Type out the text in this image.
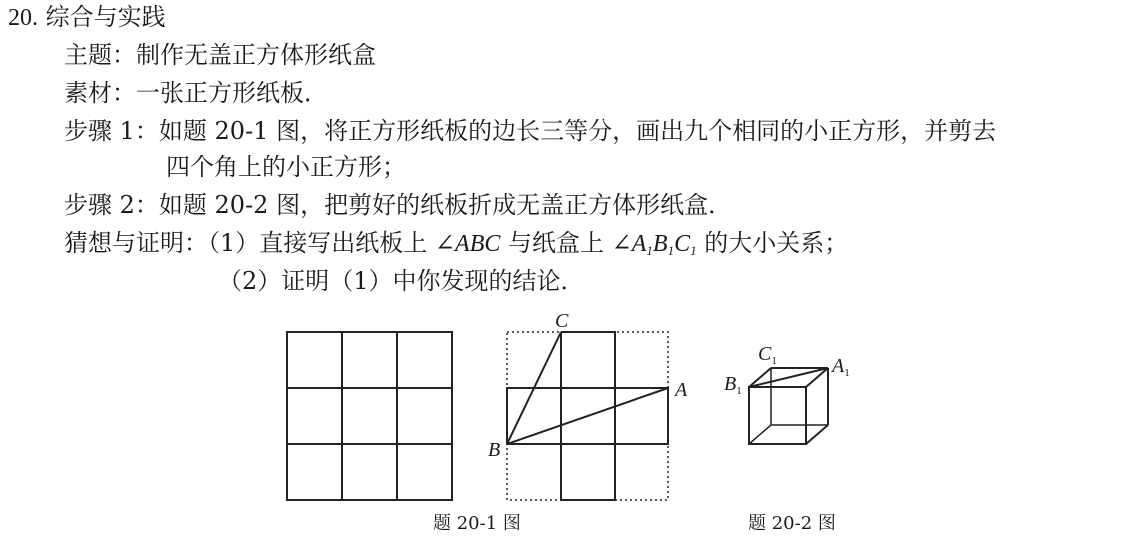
20. 综合与实践
主题：制作无盖正方体形纸盒
素材：一张正方形纸板．
步骤 1：如题 20-1 图，将正方形纸板的边长三等分，画出九个相同的小正方形，并剪去
四个角上的小正方形；
步骤 2：如题 20-2 图，把剪好的纸板折成无盖正方体形纸盒．
猜想与证明：（1）直接写出纸板上 ∠ABC 与纸盒上 $\angle A_1B_1C_1$ 的大小关系；
（2）证明（1）中你发现的结论．
C
A
B
$C_1$	$A_1$
$B_1$
题 20-1 图	题 20-2 图
